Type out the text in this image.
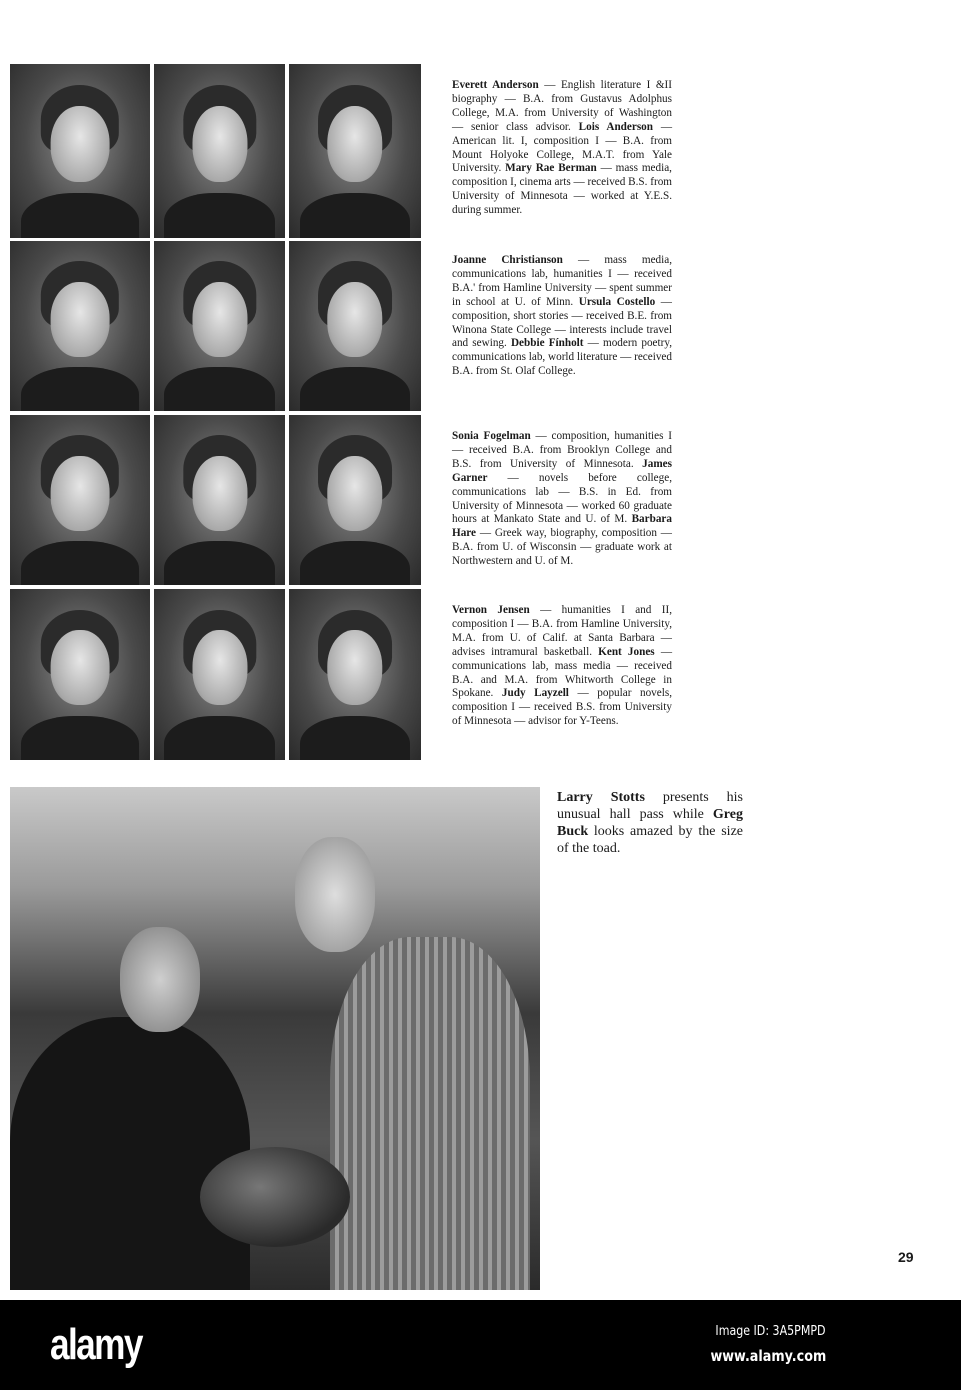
Everett Anderson — English literature I &II biography — B.A. from Gustavus Adolphus College, M.A. from University of Washington — senior class advisor. Lois Anderson — American lit. I, composition I — B.A. from Mount Holyoke College, M.A.T. from Yale University. Mary Rae Berman — mass media, composition I, cinema arts — received B.S. from University of Minnesota — worked at Y.E.S. during summer.
Joanne Christianson — mass media, communications lab, humanities I — received B.A.' from Hamline University — spent summer in school at U. of Minn. Ursula Costello — composition, short stories — received B.E. from Winona State College — interests include travel and sewing. Debbie Fínholt — modern poetry, communications lab, world literature — received B.A. from St. Olaf College.
Sonia Fogelman — composition, humanities I — received B.A. from Brooklyn College and B.S. from University of Minnesota. James Garner — novels before college, communications lab — B.S. in Ed. from University of Minnesota — worked 60 graduate hours at Mankato State and U. of M. Barbara Hare — Greek way, biography, composition — B.A. from U. of Wisconsin — graduate work at Northwestern and U. of M.
Vernon Jensen — humanities I and II, composition I — B.A. from Hamline University, M.A. from U. of Calif. at Santa Barbara — advises intramural basketball. Kent Jones — communications lab, mass media — received B.A. and M.A. from Whitworth College in Spokane. Judy Layzell — popular novels, composition I — received B.S. from University of Minnesota — advisor for Y-Teens.
Larry Stotts presents his unusual hall pass while Greg Buck looks amazed by the size of the toad.
29
alamy	Image ID: 3A5PMPD
www.alamy.com
